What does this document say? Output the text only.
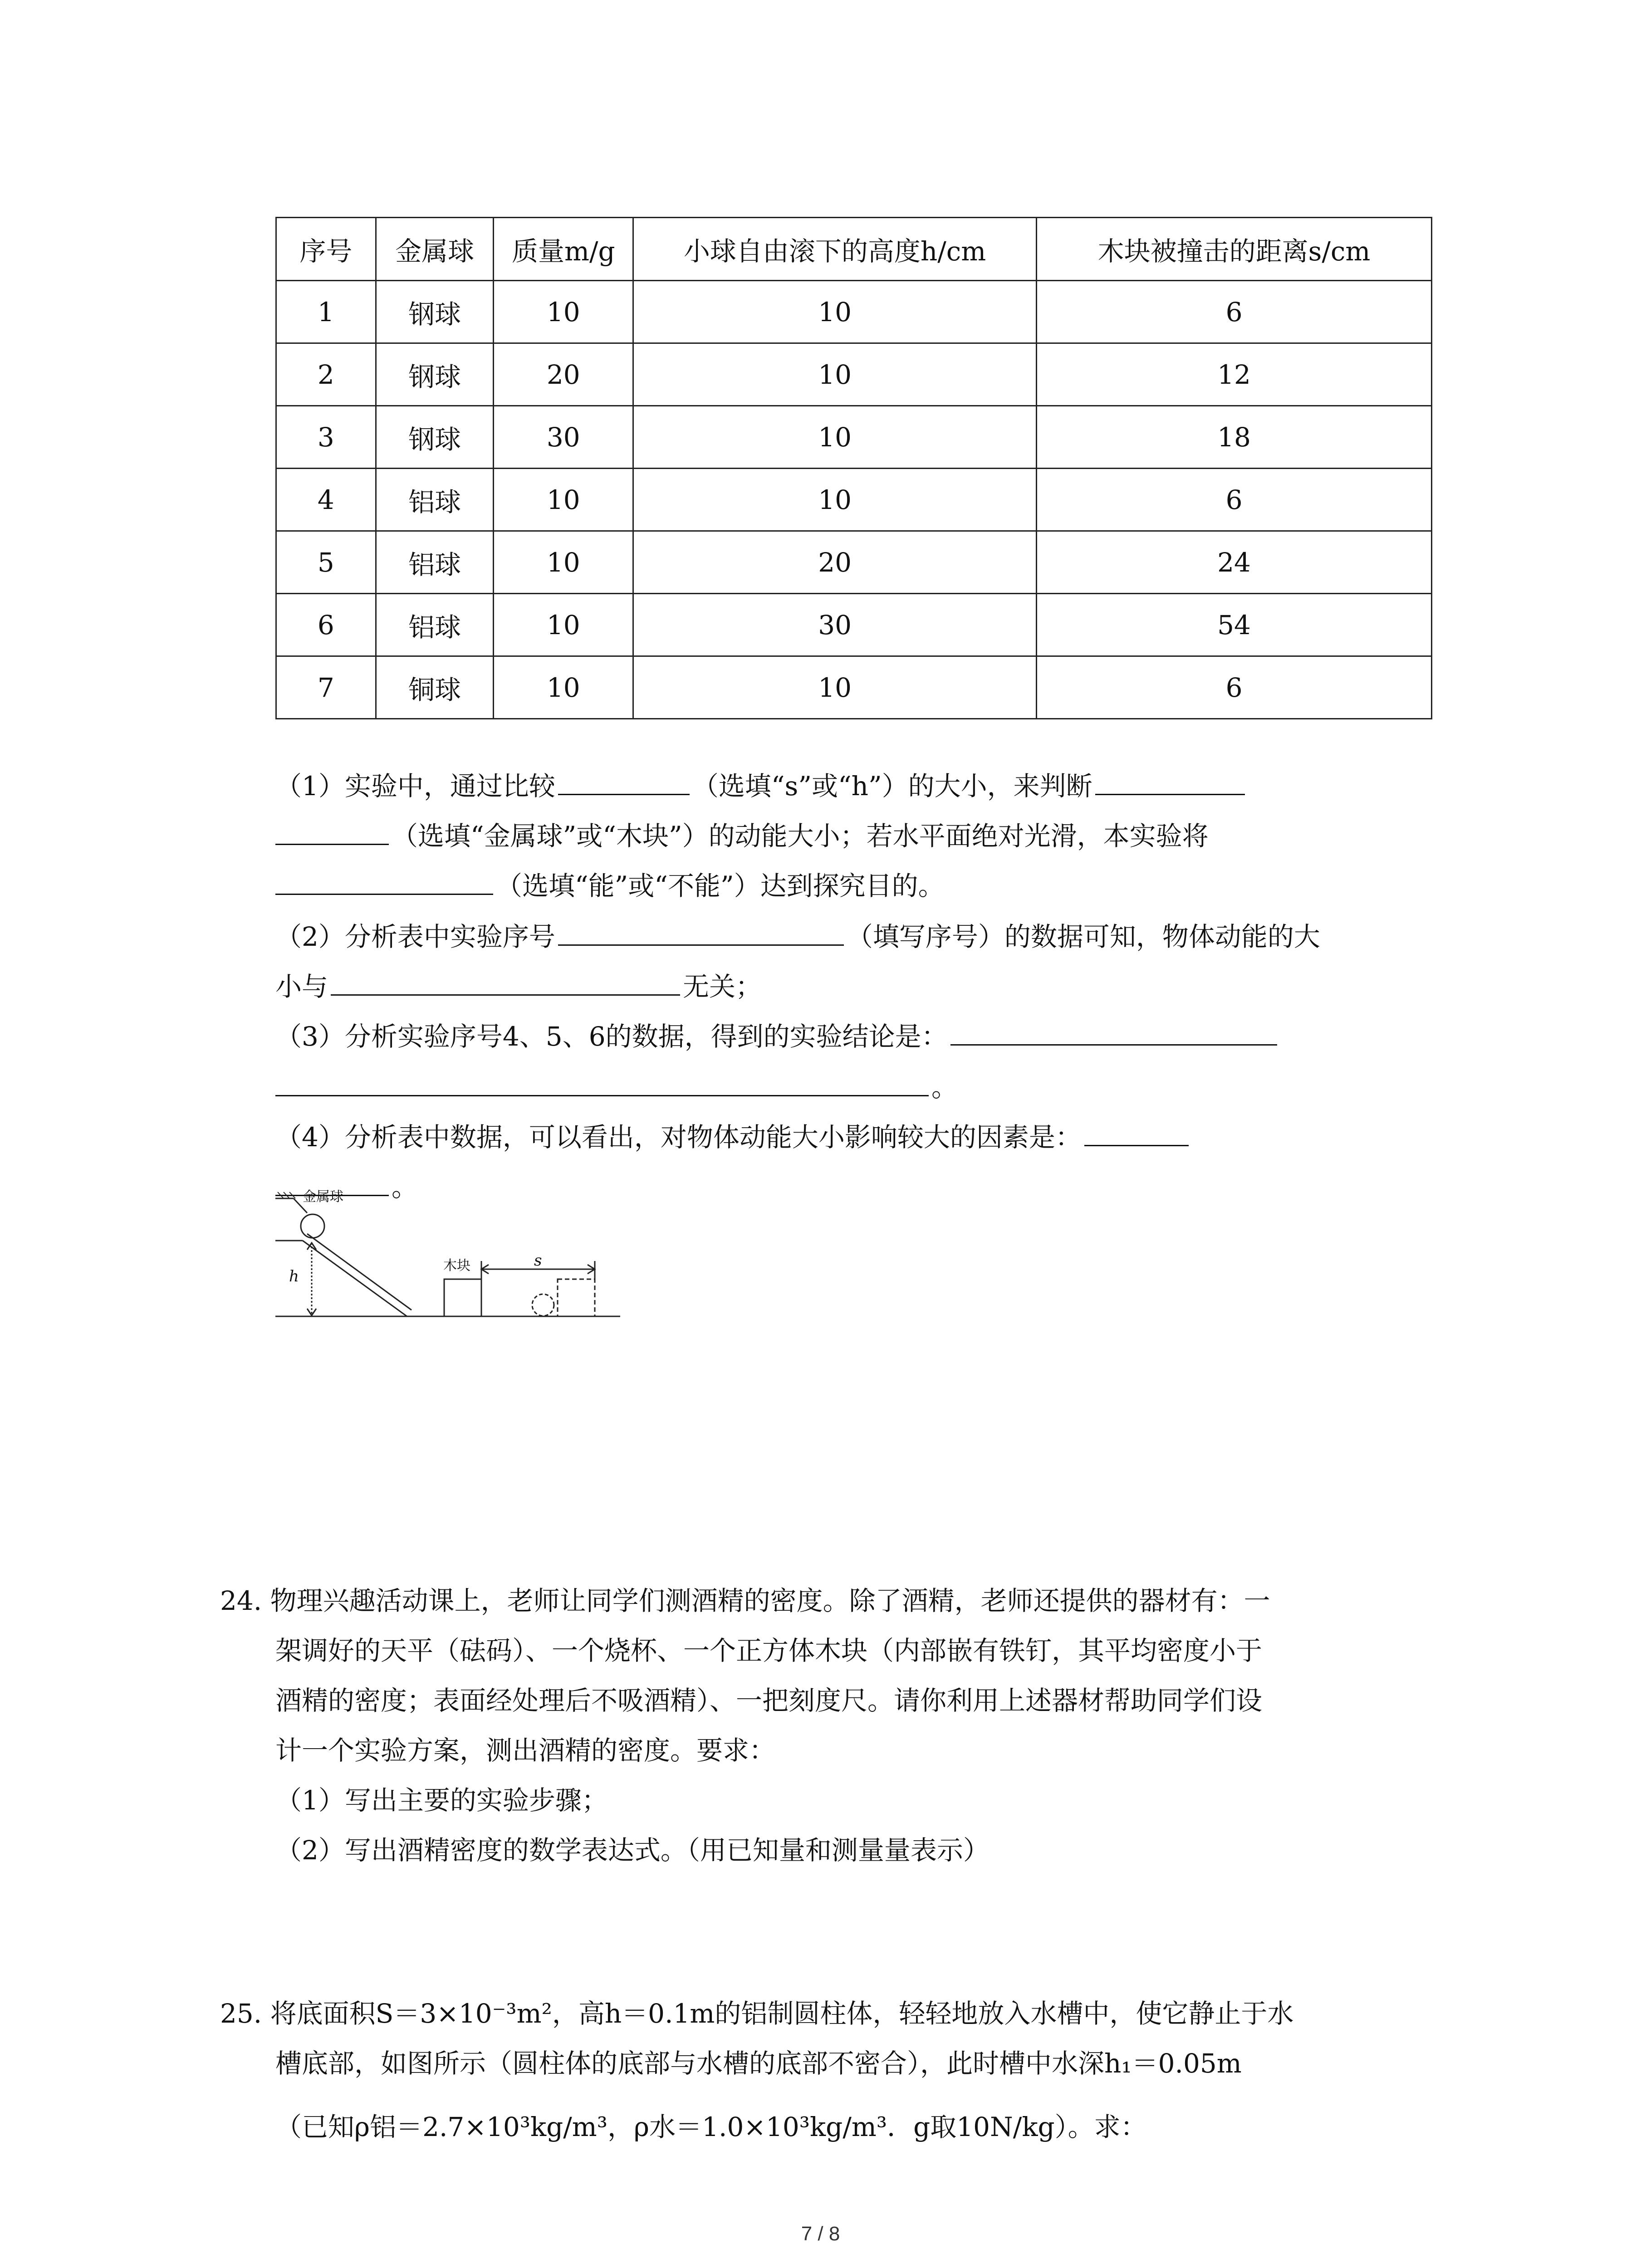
序号	金属球	质量m/g	小球自由滚下的高度h/cm	木块被撞击的距离s/cm
1	钢球	10	10	6
2	钢球	20	10	12
3	钢球	30	10	18
4	铝球	10	10	6
5	铝球	10	20	24
6	铝球	10	30	54
7	铜球	10	10	6
（1）实验中，通过比较	（选填“s”或“h”）的大小，来判断
（选填“金属球”或“木块”）的动能大小；若水平面绝对光滑，本实验将
（选填“能”或“不能”）达到探究目的。
（2）分析表中实验序号	（填写序号）的数据可知，物体动能的大
小与	无关；
（3）分析实验序号4、5、6的数据，得到的实验结论是：
。
（4）分析表中数据，可以看出，对物体动能大小影响较大的因素是：
。
金属球
h
木块	s
24. 物理兴趣活动课上，老师让同学们测酒精的密度。除了酒精，老师还提供的器材有：一
架调好的天平（砝码）、一个烧杯、一个正方体木块（内部嵌有铁钉，其平均密度小于
酒精的密度；表面经处理后不吸酒精）、一把刻度尺。请你利用上述器材帮助同学们设
计一个实验方案，测出酒精的密度。要求：
（1）写出主要的实验步骤；
（2）写出酒精密度的数学表达式。（用已知量和测量量表示）
25. 将底面积S＝3×10⁻³m²，高h＝0.1m的铝制圆柱体，轻轻地放入水槽中，使它静止于水
槽底部，如图所示（圆柱体的底部与水槽的底部不密合），此时槽中水深h₁＝0.05m
（已知ρ铝＝2.7×10³kg/m³，ρ水＝1.0×10³kg/m³．g取10N/kg）。求：
7 / 8
